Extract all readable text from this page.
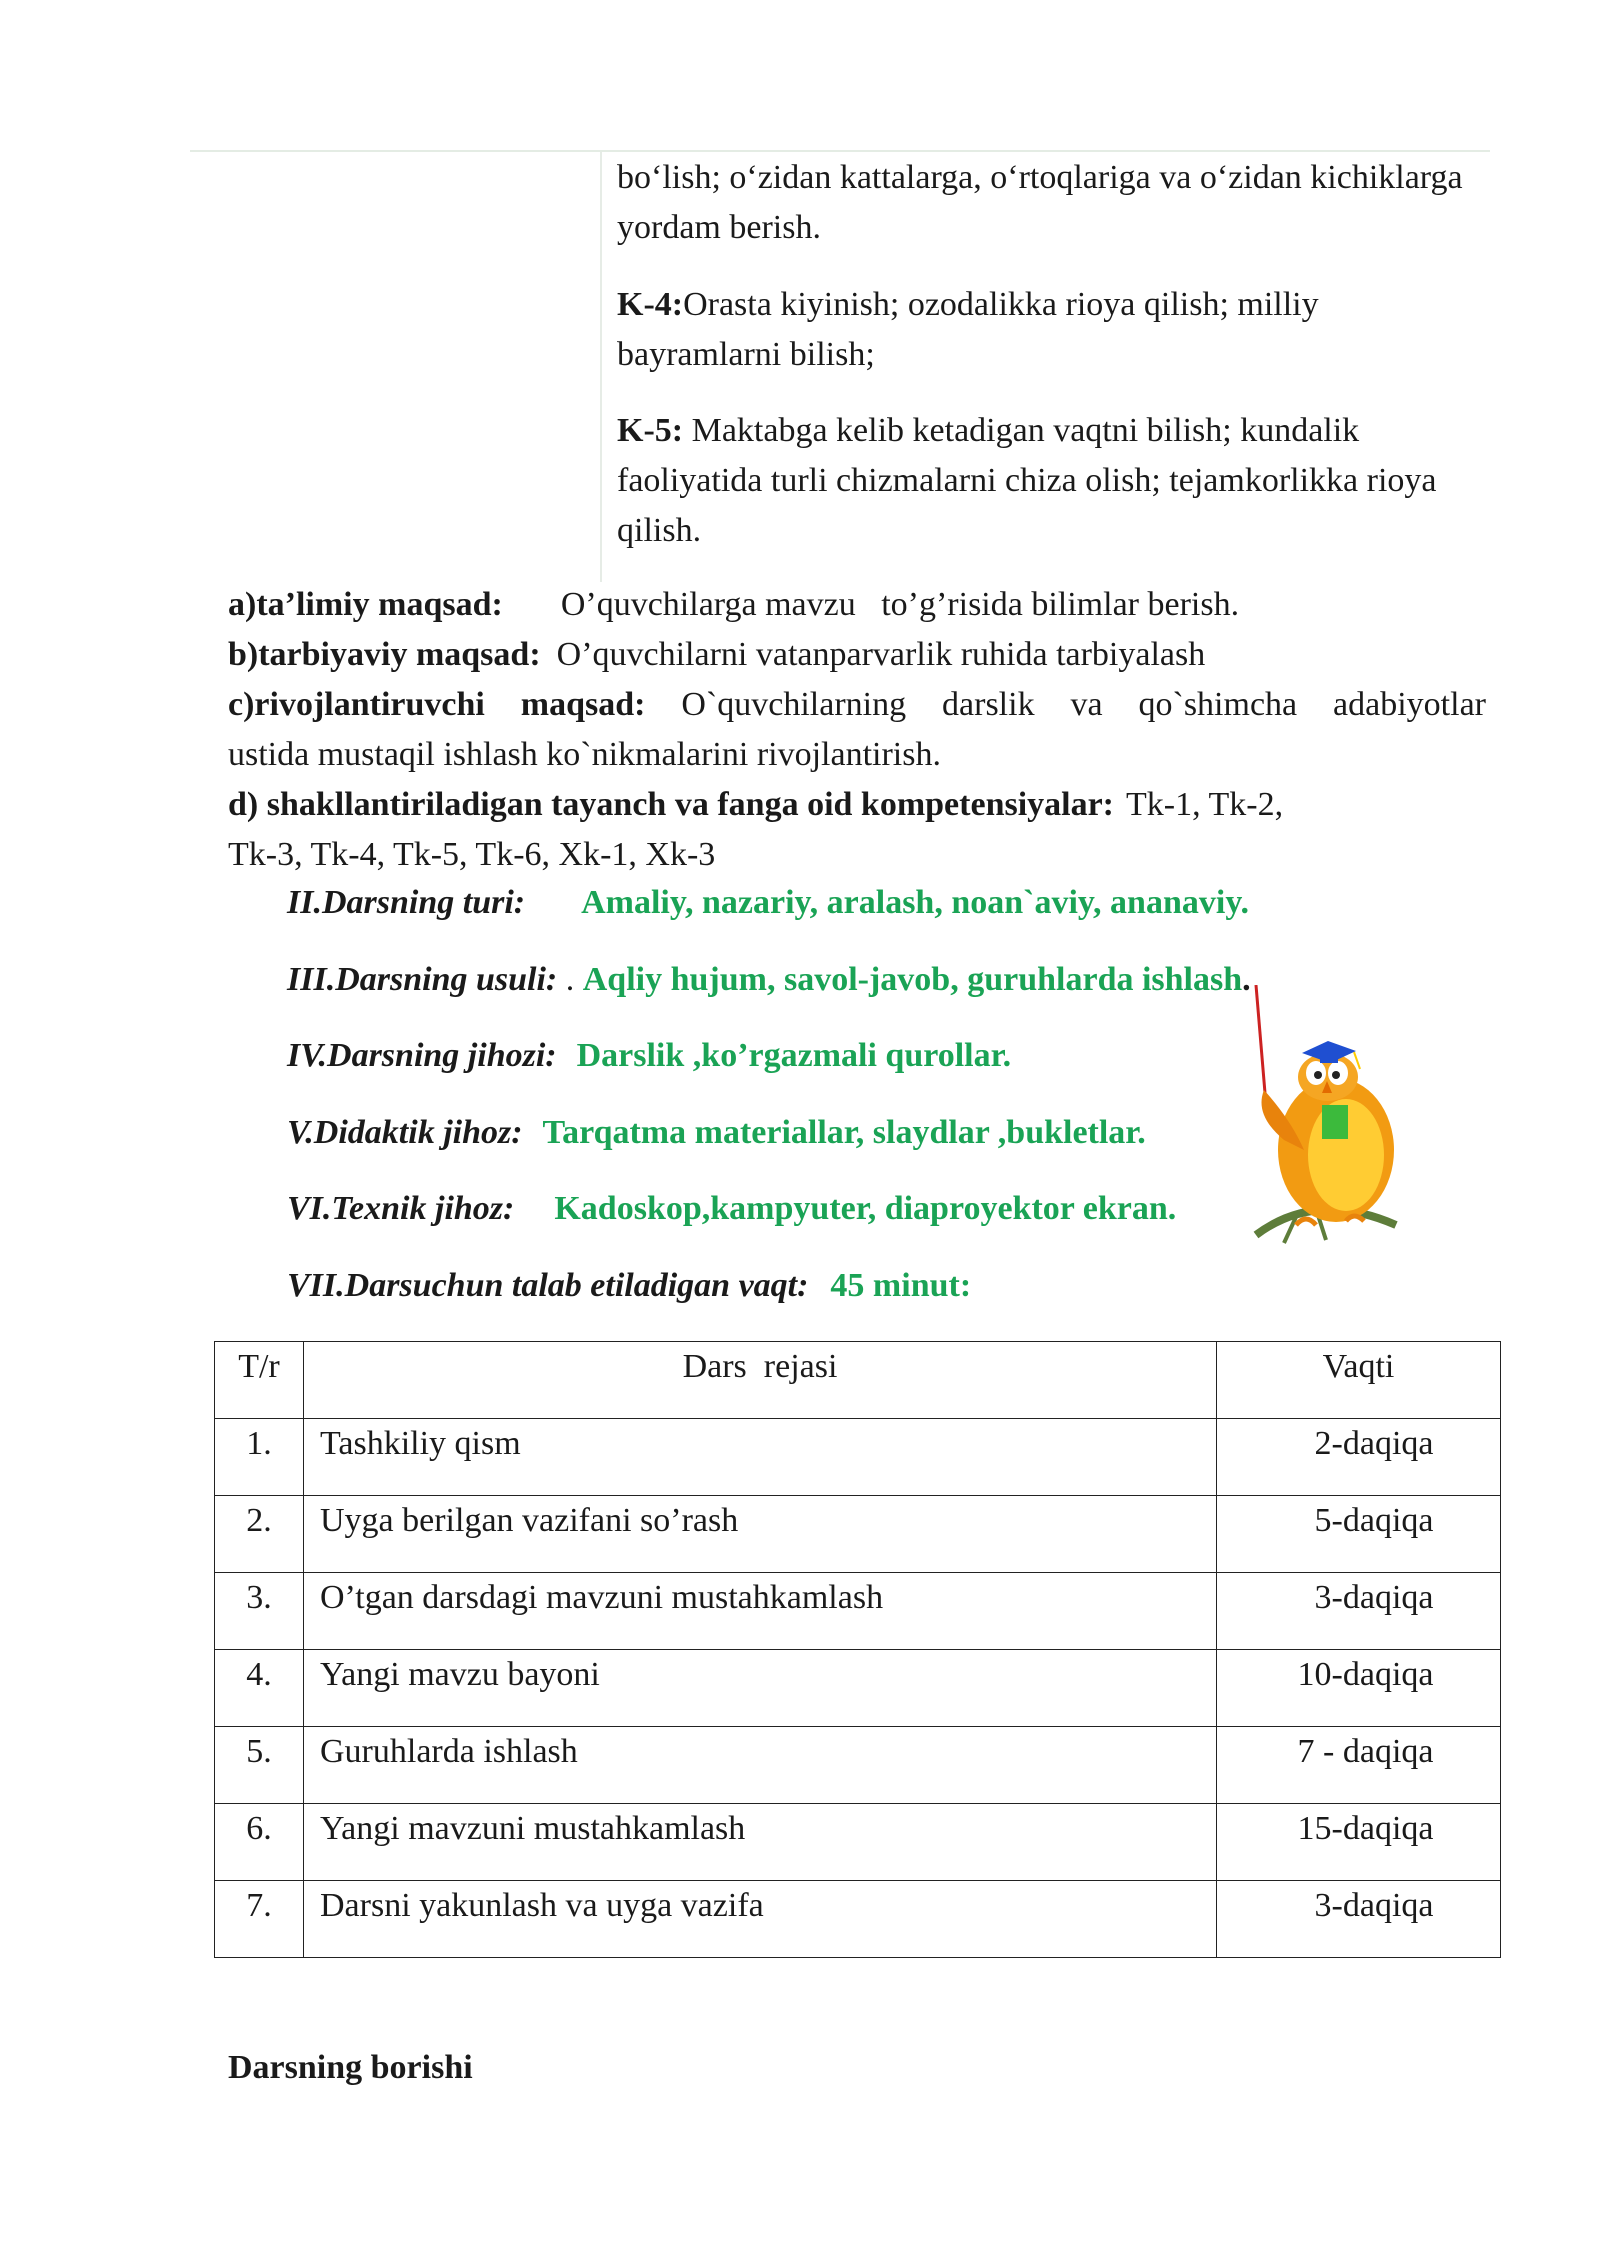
bo‘lish; o‘zidan kattalarga, o‘rtoqlariga va o‘zidan kichiklarga yordam berish.
K-4:Orasta kiyinish; ozodalikka rioya qilish; milliy bayramlarni bilish;
K-5: Maktabga kelib ketadigan vaqtni bilish; kundalik faoliyatida turli chizmalarni chiza olish; tejamkorlikka rioya qilish.
a)ta’limiy maqsad: O’quvchilarga mavzu   to’g’risida bilimlar berish.
b)tarbiyaviy maqsad: O’quvchilarni vatanparvarlik ruhida tarbiyalash
c)rivojlantiruvchi maqsad: O`quvchilarning darslik va qo`shimcha adabiyotlar
ustida mustaqil ishlash ko`nikmalarini rivojlantirish.
d) shakllantiriladigan tayanch va fanga oid kompetensiyalar: Tk-1, Tk-2,
Tk-3, Tk-4, Tk-5, Tk-6, Xk-1, Xk-3
II.Darsning turi: Amaliy, nazariy, aralash, noan`aviy, ananaviy.
III.Darsning usuli: . Aqliy hujum, savol-javob, guruhlarda ishlash.
IV.Darsning jihozi: Darslik ,ko’rgazmali qurollar.
V.Didaktik jihoz: Tarqatma materiallar, slaydlar ,bukletlar.
VI.Texnik jihoz: Kadoskop,kampyuter, diaproyektor ekran.
VII.Darsuchun talab etiladigan vaqt: 45 minut:
T/r	Dars  rejasi	Vaqti
1.	Tashkiliy qism	2-daqiqa
2.	Uyga berilgan vazifani so’rash	5-daqiqa
3.	O’tgan darsdagi mavzuni mustahkamlash	3-daqiqa
4.	Yangi mavzu bayoni	10-daqiqa
5.	Guruhlarda ishlash	7 - daqiqa
6.	Yangi mavzuni mustahkamlash	15-daqiqa
7.	Darsni yakunlash va uyga vazifa	3-daqiqa
Darsning borishi
